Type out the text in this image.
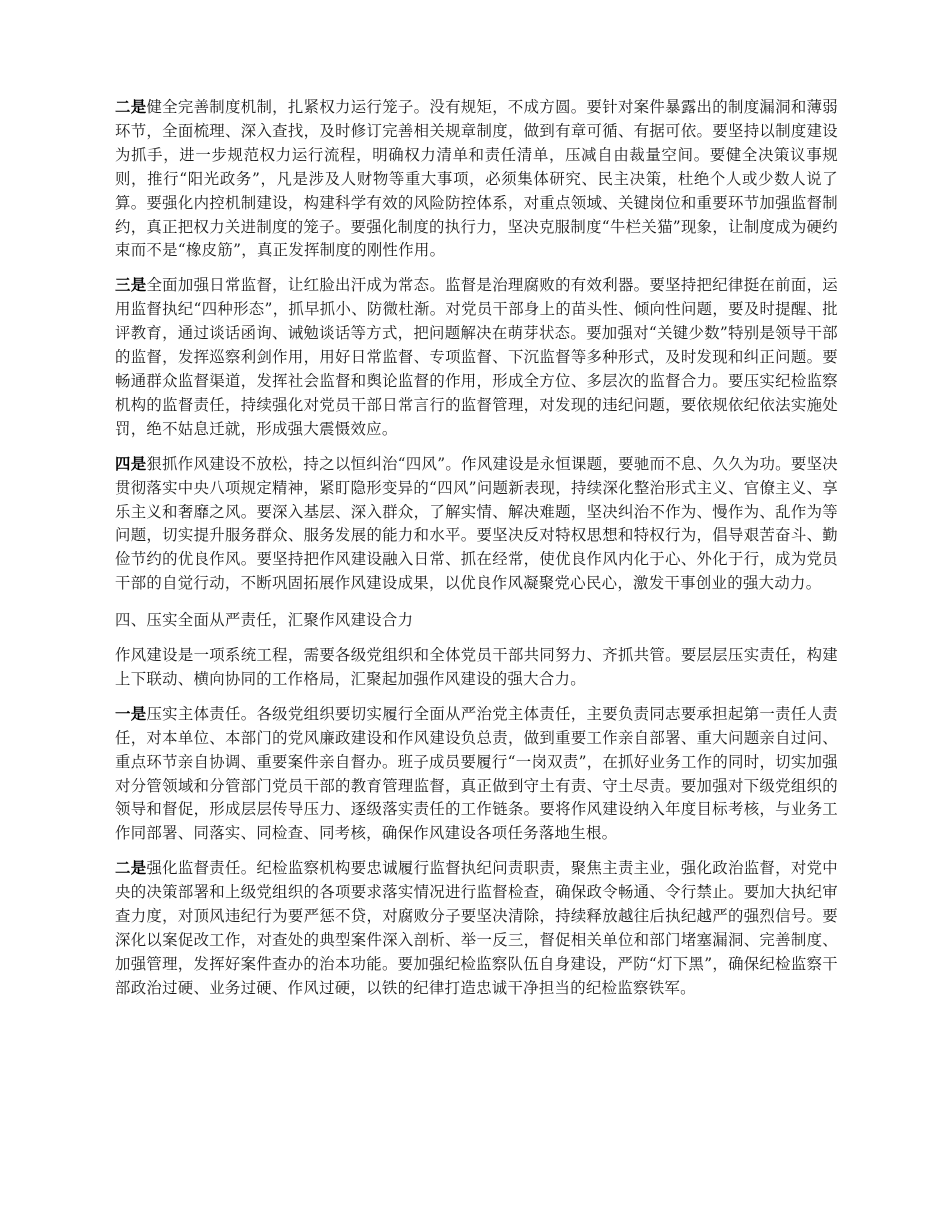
二是健全完善制度机制，扎紧权力运行笼子。没有规矩，不成方圆。要针对案件暴露出的制度漏洞和薄弱环节，全面梳理、深入查找，及时修订完善相关规章制度，做到有章可循、有据可依。要坚持以制度建设为抓手，进一步规范权力运行流程，明确权力清单和责任清单，压减自由裁量空间。要健全决策议事规则，推行“阳光政务”，凡是涉及人财物等重大事项，必须集体研究、民主决策，杜绝个人或少数人说了算。要强化内控机制建设，构建科学有效的风险防控体系，对重点领域、关键岗位和重要环节加强监督制约，真正把权力关进制度的笼子。要强化制度的执行力，坚决克服制度“牛栏关猫”现象，让制度成为硬约束而不是“橡皮筋”，真正发挥制度的刚性作用。

三是全面加强日常监督，让红脸出汗成为常态。监督是治理腐败的有效利器。要坚持把纪律挺在前面，运用监督执纪“四种形态”，抓早抓小、防微杜渐。对党员干部身上的苗头性、倾向性问题，要及时提醒、批评教育，通过谈话函询、诫勉谈话等方式，把问题解决在萌芽状态。要加强对“关键少数”特别是领导干部的监督，发挥巡察利剑作用，用好日常监督、专项监督、下沉监督等多种形式，及时发现和纠正问题。要畅通群众监督渠道，发挥社会监督和舆论监督的作用，形成全方位、多层次的监督合力。要压实纪检监察机构的监督责任，持续强化对党员干部日常言行的监督管理，对发现的违纪问题，要依规依纪依法实施处罚，绝不姑息迁就，形成强大震慑效应。

四是狠抓作风建设不放松，持之以恒纠治“四风”。作风建设是永恒课题，要驰而不息、久久为功。要坚决贯彻落实中央八项规定精神，紧盯隐形变异的“四风”问题新表现，持续深化整治形式主义、官僚主义、享乐主义和奢靡之风。要深入基层、深入群众，了解实情、解决难题，坚决纠治不作为、慢作为、乱作为等问题，切实提升服务群众、服务发展的能力和水平。要坚决反对特权思想和特权行为，倡导艰苦奋斗、勤俭节约的优良作风。要坚持把作风建设融入日常、抓在经常，使优良作风内化于心、外化于行，成为党员干部的自觉行动，不断巩固拓展作风建设成果，以优良作风凝聚党心民心，激发干事创业的强大动力。

四、压实全面从严责任，汇聚作风建设合力

作风建设是一项系统工程，需要各级党组织和全体党员干部共同努力、齐抓共管。要层层压实责任，构建上下联动、横向协同的工作格局，汇聚起加强作风建设的强大合力。

一是压实主体责任。各级党组织要切实履行全面从严治党主体责任，主要负责同志要承担起第一责任人责任，对本单位、本部门的党风廉政建设和作风建设负总责，做到重要工作亲自部署、重大问题亲自过问、重点环节亲自协调、重要案件亲自督办。班子成员要履行“一岗双责”，在抓好业务工作的同时，切实加强对分管领域和分管部门党员干部的教育管理监督，真正做到守土有责、守土尽责。要加强对下级党组织的领导和督促，形成层层传导压力、逐级落实责任的工作链条。要将作风建设纳入年度目标考核，与业务工作同部署、同落实、同检查、同考核，确保作风建设各项任务落地生根。

二是强化监督责任。纪检监察机构要忠诚履行监督执纪问责职责，聚焦主责主业，强化政治监督，对党中央的决策部署和上级党组织的各项要求落实情况进行监督检查，确保政令畅通、令行禁止。要加大执纪审查力度，对顶风违纪行为要严惩不贷，对腐败分子要坚决清除，持续释放越往后执纪越严的强烈信号。要深化以案促改工作，对查处的典型案件深入剖析、举一反三，督促相关单位和部门堵塞漏洞、完善制度、加强管理，发挥好案件查办的治本功能。要加强纪检监察队伍自身建设，严防“灯下黑”，确保纪检监察干部政治过硬、业务过硬、作风过硬，以铁的纪律打造忠诚干净担当的纪检监察铁军。
